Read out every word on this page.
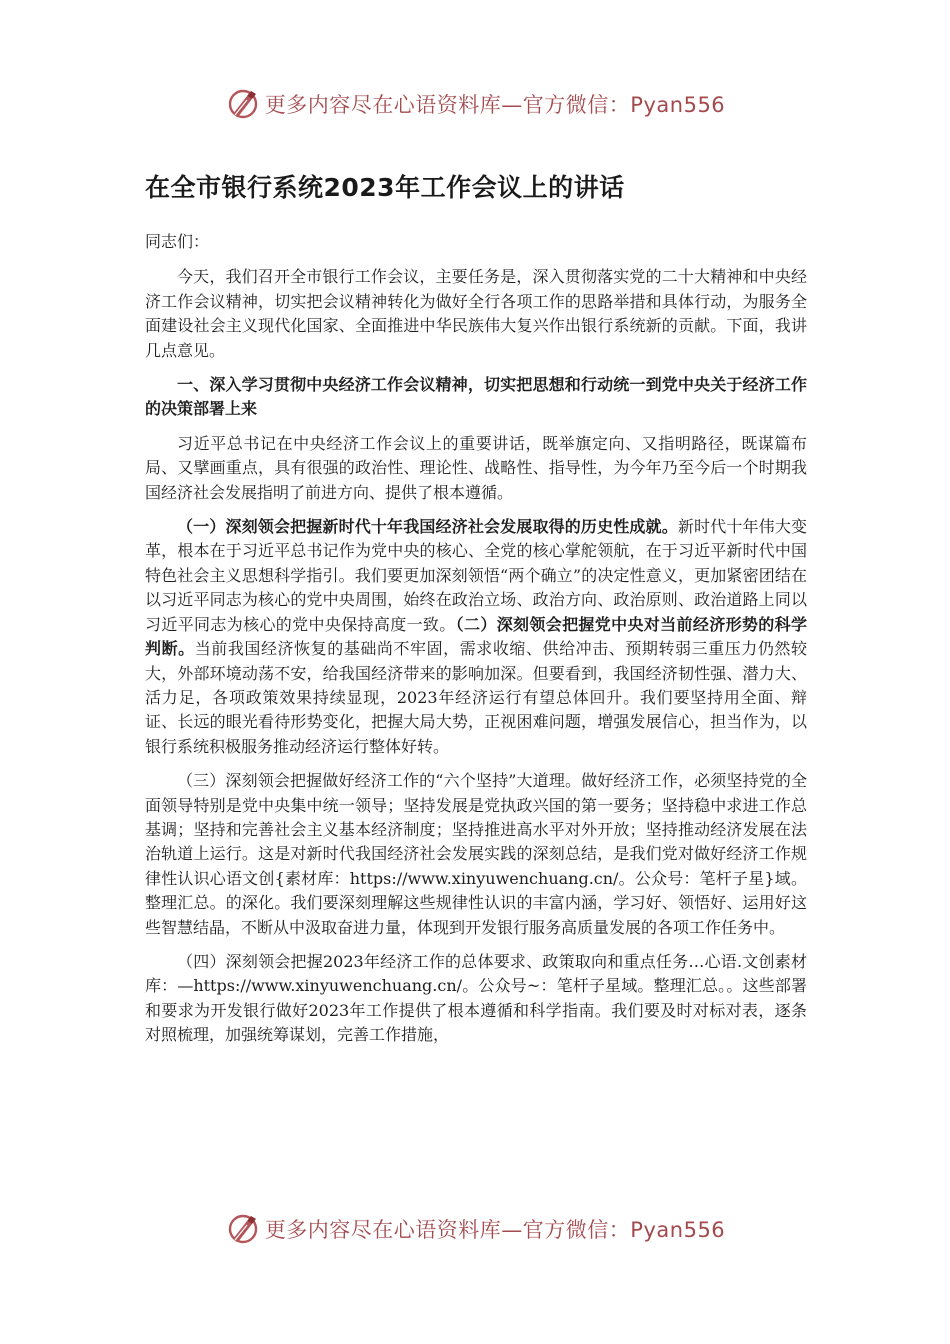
更多内容尽在心语资料库—官方微信：Pyan556
在全市银行系统2023年工作会议上的讲话

同志们：

今天，我们召开全市银行工作会议，主要任务是，深入贯彻落实党的二十大精神和中央经济工作会议精神，切实把会议精神转化为做好全行各项工作的思路举措和具体行动，为服务全面建设社会主义现代化国家、全面推进中华民族伟大复兴作出银行系统新的贡献。下面，我讲几点意见。

一、深入学习贯彻中央经济工作会议精神，切实把思想和行动统一到党中央关于经济工作的决策部署上来

习近平总书记在中央经济工作会议上的重要讲话，既举旗定向、又指明路径，既谋篇布局、又擘画重点，具有很强的政治性、理论性、战略性、指导性，为今年乃至今后一个时期我国经济社会发展指明了前进方向、提供了根本遵循。

（一）深刻领会把握新时代十年我国经济社会发展取得的历史性成就。新时代十年伟大变革，根本在于习近平总书记作为党中央的核心、全党的核心掌舵领航，在于习近平新时代中国特色社会主义思想科学指引。我们要更加深刻领悟“两个确立”的决定性意义，更加紧密团结在以习近平同志为核心的党中央周围，始终在政治立场、政治方向、政治原则、政治道路上同以习近平同志为核心的党中央保持高度一致。（二）深刻领会把握党中央对当前经济形势的科学判断。当前我国经济恢复的基础尚不牢固，需求收缩、供给冲击、预期转弱三重压力仍然较大，外部环境动荡不安，给我国经济带来的影响加深。但要看到，我国经济韧性强、潜力大、活力足，各项政策效果持续显现，2023年经济运行有望总体回升。我们要坚持用全面、辩证、长远的眼光看待形势变化，把握大局大势，正视困难问题，增强发展信心，担当作为，以银行系统积极服务推动经济运行整体好转。

（三）深刻领会把握做好经济工作的“六个坚持”大道理。做好经济工作，必须坚持党的全面领导特别是党中央集中统一领导；坚持发展是党执政兴国的第一要务；坚持稳中求进工作总基调；坚持和完善社会主义基本经济制度；坚持推进高水平对外开放；坚持推动经济发展在法治轨道上运行。这是对新时代我国经济社会发展实践的深刻总结，是我们党对做好经济工作规律性认识心语文创{素材库：https://www.xinyuwenchuang.cn/。公众号：笔杆子星}域。整理汇总。的深化。我们要深刻理解这些规律性认识的丰富内涵，学习好、领悟好、运用好这些智慧结晶，不断从中汲取奋进力量，体现到开发银行服务高质量发展的各项工作任务中。

（四）深刻领会把握2023年经济工作的总体要求、政策取向和重点任务…心语.文创素材库：—https://www.xinyuwenchuang.cn/。公众号~：笔杆子星域。整理汇总。。这些部署和要求为开发银行做好2023年工作提供了根本遵循和科学指南。我们要及时对标对表，逐条对照梳理，加强统筹谋划，完善工作措施，

更多内容尽在心语资料库—官方微信：Pyan556
